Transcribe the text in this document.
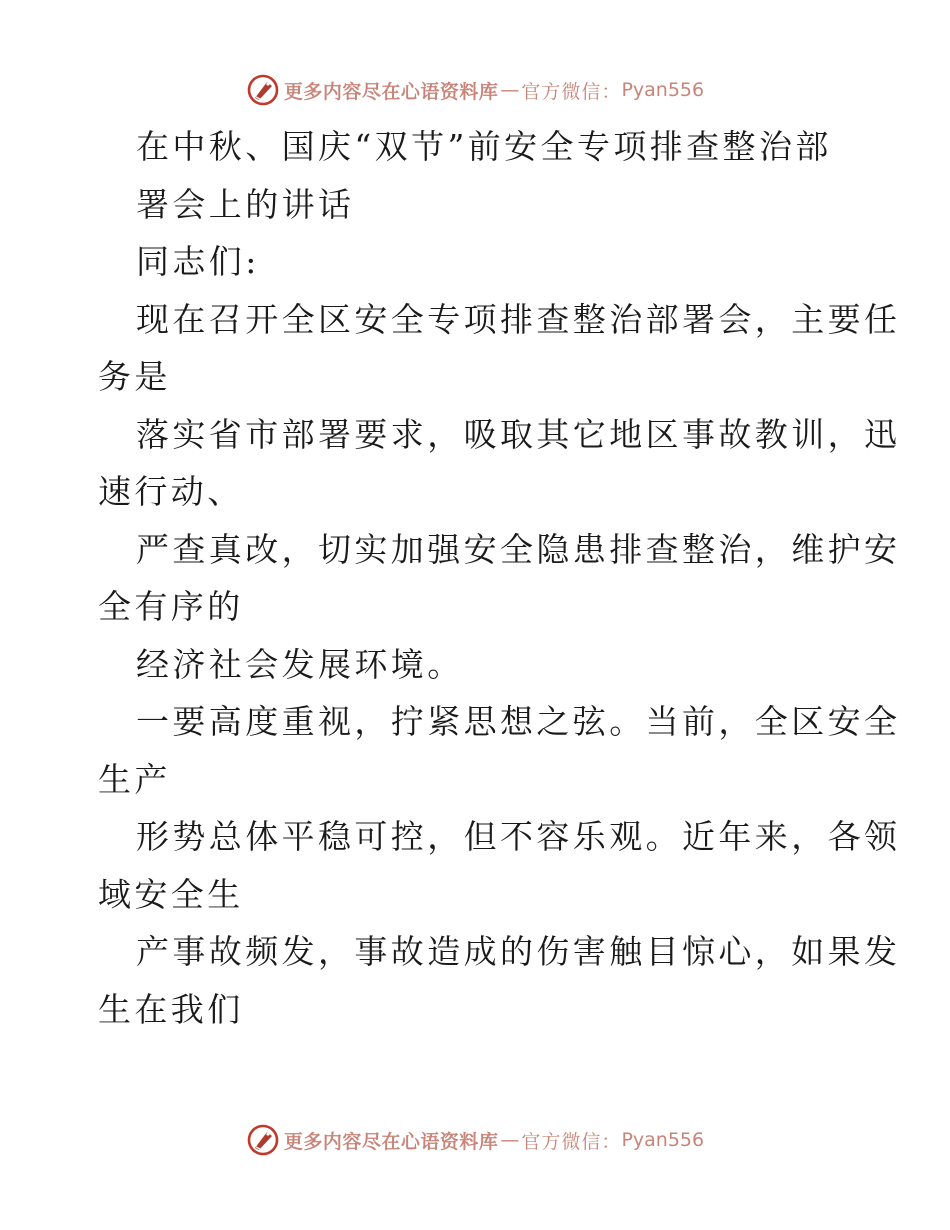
更多内容尽在心语资料库 — 官方微信： Pyan556
在中秋、国庆“双节”前安全专项排查整治部
署会上的讲话
同志们:
现在召开全区安全专项排查整治部署会，主要任
务是
落实省市部署要求，吸取其它地区事故教训，迅
速行动、
严查真改，切实加强安全隐患排查整治，维护安
全有序的
经济社会发展环境。
一要高度重视，拧紧思想之弦。当前，全区安全
生产
形势总体平稳可控，但不容乐观。近年来，各领
域安全生
产事故频发，事故造成的伤害触目惊心，如果发
生在我们
更多内容尽在心语资料库 — 官方微信： Pyan556
